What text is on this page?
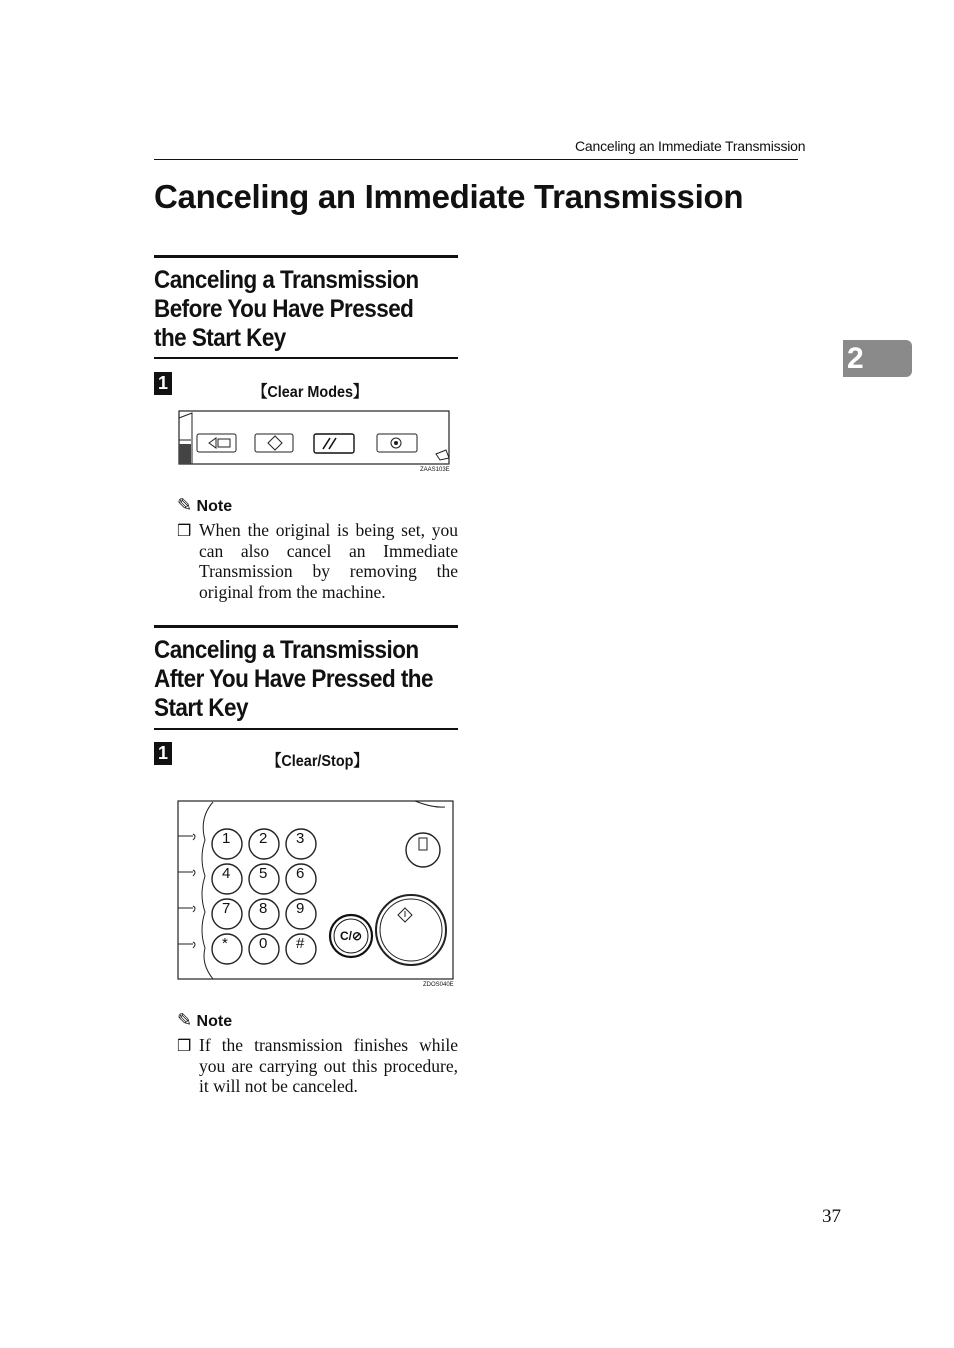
Canceling an Immediate Transmission
Canceling an Immediate Transmission
2
Canceling a Transmission Before You Have Pressed the Start Key
1	【Clear Modes】
ZAAS103E
✎ Note
❒ When the original is being set, you can also cancel an Immediate Transmission by removing the original from the machine.
Canceling a Transmission After You Have Pressed the Start Key
1	【Clear/Stop】
1 2 3
4 5 6
7 8 9
* 0 #	C/⊘
ZDOS040E
✎ Note
❒ If the transmission finishes while you are carrying out this procedure, it will not be canceled.
37
